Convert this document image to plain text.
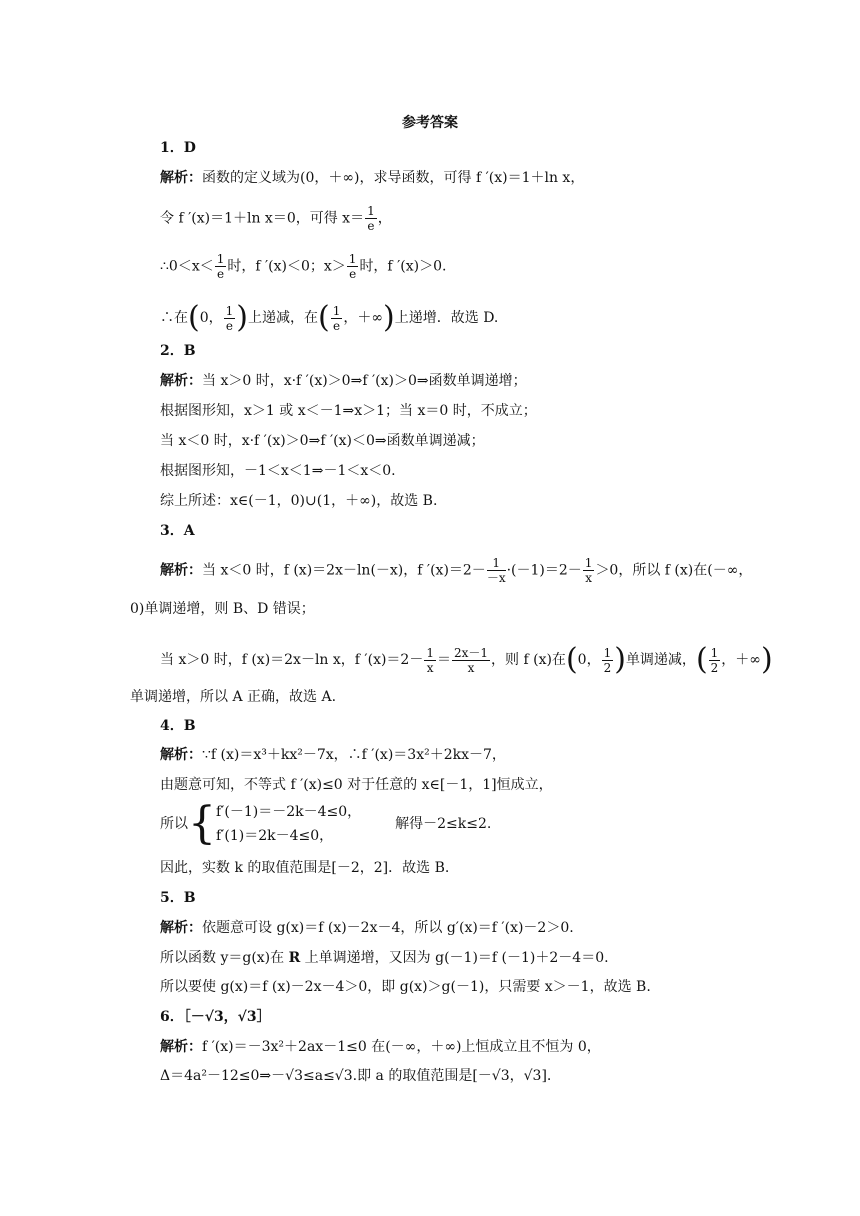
参考答案
1．D
解析：函数的定义域为(0，＋∞)，求导函数，可得 f ′(x)＝1＋ln x，
令 f ′(x)＝1＋ln x＝0，可得 $x= \frac{1}{e}$ ，
∴0＜x＜ $\frac{1}{e}$ 时，f ′(x)＜0；$x> \frac{1}{e}$ 时，f ′(x)＞0.
∴在(0， $\frac{1}{e}$ )上递减，在( $\frac{1}{e}$ ，＋∞)上递增．故选 D.
2．B
解析：当 x＞0 时，x·f ′(x)＞0⇒f ′(x)＞0⇒函数单调递增；
根据图形知，x＞1 或 x＜－1⇒x＞1；当 x＝0 时，不成立；
当 x＜0 时，x·f ′(x)＞0⇒f ′(x)＜0⇒函数单调递减；
根据图形知，－1＜x＜1⇒－1＜x＜0.
综上所述：x∈(－1，0)∪(1，＋∞)，故选 B.
3．A
解析：当 x＜0 时，f (x)＝2x－ln(－x)，f $'(x)=2- \frac{1}{-x} \cdot(-1)=2- \frac{1}{x} >0$，所以 f (x)在(－∞，
0)单调递增，则 B、D 错误；
当 x＞0 时，f (x)＝2x－ln x，f $'(x)=2- \frac{1}{x} = \frac{2x-1}{x}$ ，则 f (x)在(0， $\frac{1}{2}$ )单调递减，( $\frac{1}{2}$ ，＋∞)
单调递增，所以 A 正确，故选 A.
4．B
解析：∵f (x)＝x³＋kx²－7x，∴f ′(x)＝3x²＋2kx－7，
由题意可知，不等式 f ′(x)≤0 对于任意的 x∈[－1，1]恒成立，
所以{ f′(－1)＝－2k－4≤0，
f′(1)＝2k－4≤0，
解得－2≤k≤2.
因此，实数 k 的取值范围是[－2，2]．故选 B.
5．B
解析：依题意可设 g(x)＝f (x)－2x－4，所以 g′(x)＝f ′(x)－2＞0.
所以函数 y＝g(x)在 R 上单调递增，又因为 g(－1)＝f (－1)＋2－4＝0.
所以要使 g(x)＝f (x)－2x－4＞0，即 g(x)＞g(－1)，只需要 x＞－1，故选 B.
6．［－√3，√3］
解析：f ′(x)＝－3x²＋2ax－1≤0 在(－∞，＋∞)上恒成立且不恒为 0，
Δ＝4a²－12≤0⇒－√3≤a≤√3.即 a 的取值范围是[－√3，√3].
